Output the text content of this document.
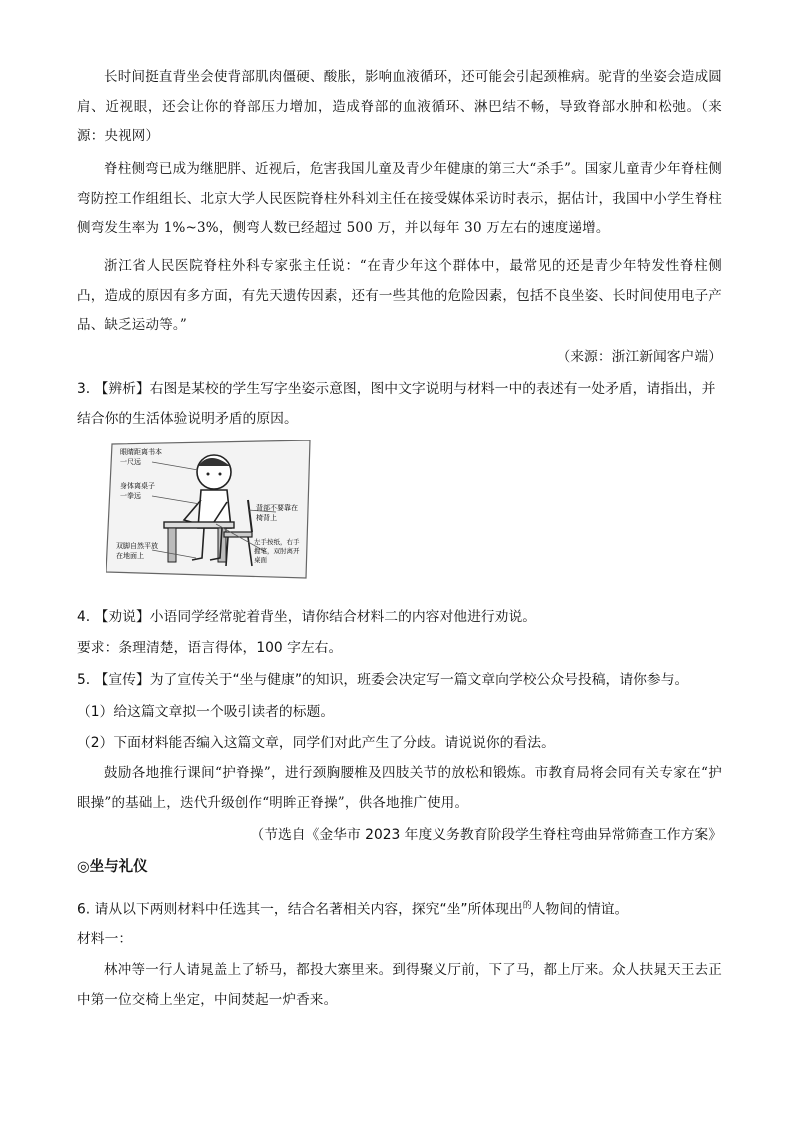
长时间挺直背坐会使背部肌肉僵硬、酸胀，影响血液循环，还可能会引起颈椎病。驼背的坐姿会造成圆肩、近视眼，还会让你的脊部压力增加，造成脊部的血液循环、淋巴结不畅，导致脊部水肿和松弛。（来源：央视网）

脊柱侧弯已成为继肥胖、近视后，危害我国儿童及青少年健康的第三大“杀手”。国家儿童青少年脊柱侧弯防控工作组组长、北京大学人民医院脊柱外科刘主任在接受媒体采访时表示，据估计，我国中小学生脊柱侧弯发生率为 1%~3%，侧弯人数已经超过 500 万，并以每年 30 万左右的速度递增。

浙江省人民医院脊柱外科专家张主任说：“在青少年这个群体中，最常见的还是青少年特发性脊柱侧凸，造成的原因有多方面，有先天遗传因素，还有一些其他的危险因素，包括不良坐姿、长时间使用电子产品、缺乏运动等。”

（来源：浙江新闻客户端）

3. 【辨析】右图是某校的学生写字坐姿示意图，图中文字说明与材料一中的表述有一处矛盾，请指出，并

结合你的生活体验说明矛盾的原因。

眼睛距离书本
一尺远
身体离桌子
一拳远
背部不要靠在
椅背上
双脚自然平放
在地面上
左手按纸，右手
握笔，双肘离开
桌面

4. 【劝说】小语同学经常驼着背坐，请你结合材料二的内容对他进行劝说。

要求：条理清楚，语言得体，100 字左右。

5. 【宣传】为了宣传关于“坐与健康”的知识，班委会决定写一篇文章向学校公众号投稿，请你参与。

（1）给这篇文章拟一个吸引读者的标题。

（2）下面材料能否编入这篇文章，同学们对此产生了分歧。请说说你的看法。

鼓励各地推行课间“护脊操”，进行颈胸腰椎及四肢关节的放松和锻炼。市教育局将会同有关专家在“护眼操”的基础上，迭代升级创作“明眸正脊操”，供各地推广使用。

（节选自《金华市 2023 年度义务教育阶段学生脊柱弯曲异常筛查工作方案》

◎坐与礼仪

6. 请从以下两则材料中任选其一，结合名著相关内容，探究“坐”所体现出$^的$人物间的情谊。

材料一：

林冲等一行人请晁盖上了轿马，都投大寨里来。到得聚义厅前，下了马，都上厅来。众人扶晁天王去正中第一位交椅上坐定，中间焚起一炉香来。
